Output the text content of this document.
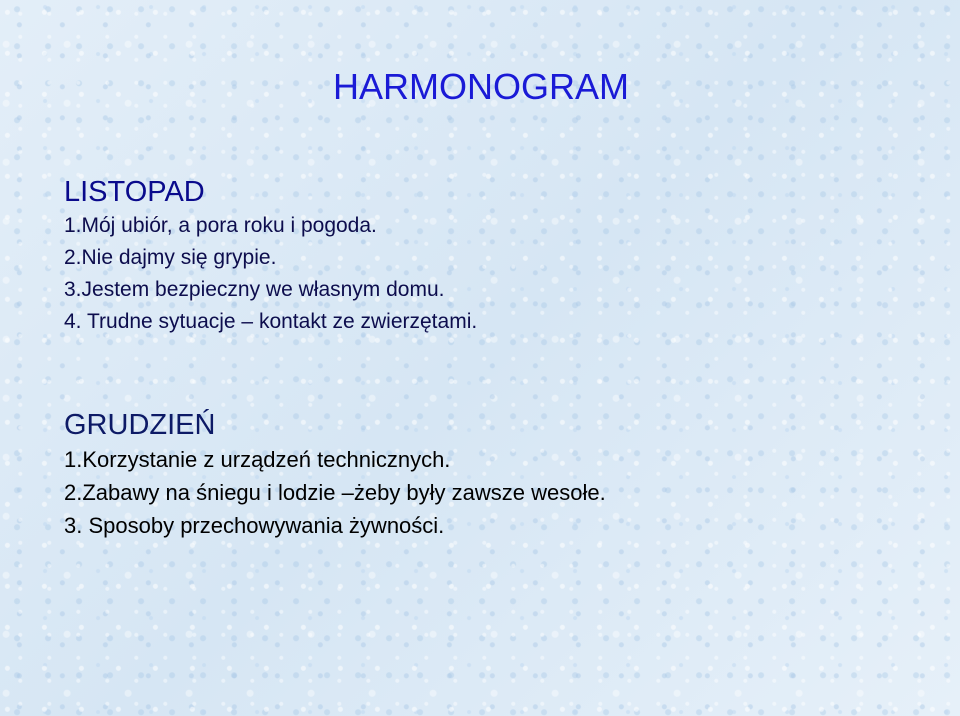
HARMONOGRAM
LISTOPAD
1.Mój ubiór, a pora roku i pogoda.
2.Nie dajmy się grypie.
3.Jestem bezpieczny we własnym domu.
4. Trudne sytuacje – kontakt ze zwierzętami.
GRUDZIEŃ
1.Korzystanie z urządzeń technicznych.
2.Zabawy na śniegu i lodzie –żeby były zawsze wesołe.
3. Sposoby przechowywania żywności.
